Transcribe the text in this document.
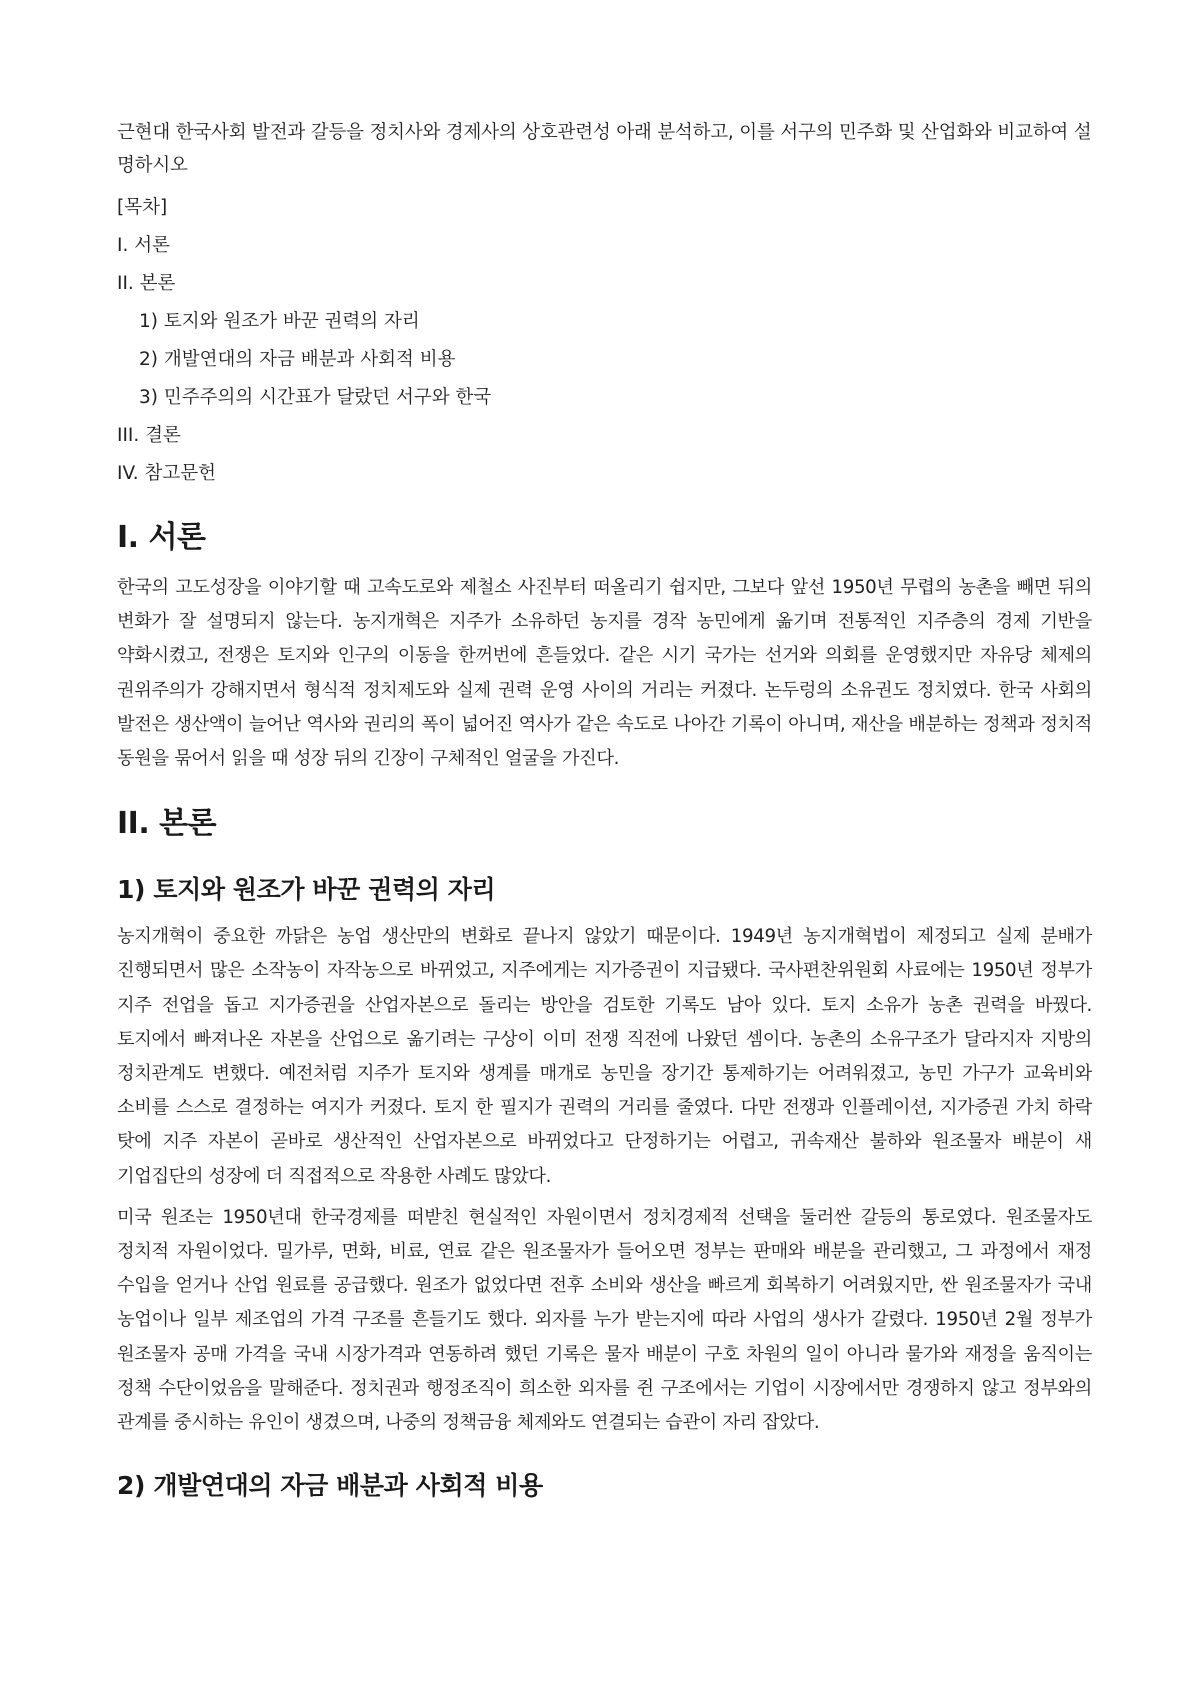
근현대 한국사회 발전과 갈등을 정치사와 경제사의 상호관련성 아래 분석하고, 이를 서구의 민주화 및 산업화와 비교하여 설명하시오
[목차]
I. 서론
II. 본론
1) 토지와 원조가 바꾼 권력의 자리
2) 개발연대의 자금 배분과 사회적 비용
3) 민주주의의 시간표가 달랐던 서구와 한국
III. 결론
IV. 참고문헌
I. 서론

한국의 고도성장을 이야기할 때 고속도로와 제철소 사진부터 떠올리기 쉽지만, 그보다 앞선 1950년 무렵의 농촌을 빼면 뒤의 변화가 잘 설명되지 않는다. 농지개혁은 지주가 소유하던 농지를 경작 농민에게 옮기며 전통적인 지주층의 경제 기반을 약화시켰고, 전쟁은 토지와 인구의 이동을 한꺼번에 흔들었다. 같은 시기 국가는 선거와 의회를 운영했지만 자유당 체제의 권위주의가 강해지면서 형식적 정치제도와 실제 권력 운영 사이의 거리는 커졌다. 논두렁의 소유권도 정치였다. 한국 사회의 발전은 생산액이 늘어난 역사와 권리의 폭이 넓어진 역사가 같은 속도로 나아간 기록이 아니며, 재산을 배분하는 정책과 정치적 동원을 묶어서 읽을 때 성장 뒤의 긴장이 구체적인 얼굴을 가진다.

II. 본론
1) 토지와 원조가 바꾼 권력의 자리

농지개혁이 중요한 까닭은 농업 생산만의 변화로 끝나지 않았기 때문이다. 1949년 농지개혁법이 제정되고 실제 분배가 진행되면서 많은 소작농이 자작농으로 바뀌었고, 지주에게는 지가증권이 지급됐다. 국사편찬위원회 사료에는 1950년 정부가 지주 전업을 돕고 지가증권을 산업자본으로 돌리는 방안을 검토한 기록도 남아 있다. 토지 소유가 농촌 권력을 바꿨다. 토지에서 빠져나온 자본을 산업으로 옮기려는 구상이 이미 전쟁 직전에 나왔던 셈이다. 농촌의 소유구조가 달라지자 지방의 정치관계도 변했다. 예전처럼 지주가 토지와 생계를 매개로 농민을 장기간 통제하기는 어려워졌고, 농민 가구가 교육비와 소비를 스스로 결정하는 여지가 커졌다. 토지 한 필지가 권력의 거리를 줄였다. 다만 전쟁과 인플레이션, 지가증권 가치 하락 탓에 지주 자본이 곧바로 생산적인 산업자본으로 바뀌었다고 단정하기는 어렵고, 귀속재산 불하와 원조물자 배분이 새 기업집단의 성장에 더 직접적으로 작용한 사례도 많았다.

미국 원조는 1950년대 한국경제를 떠받친 현실적인 자원이면서 정치경제적 선택을 둘러싼 갈등의 통로였다. 원조물자도 정치적 자원이었다. 밀가루, 면화, 비료, 연료 같은 원조물자가 들어오면 정부는 판매와 배분을 관리했고, 그 과정에서 재정 수입을 얻거나 산업 원료를 공급했다. 원조가 없었다면 전후 소비와 생산을 빠르게 회복하기 어려웠지만, 싼 원조물자가 국내 농업이나 일부 제조업의 가격 구조를 흔들기도 했다. 외자를 누가 받는지에 따라 사업의 생사가 갈렸다. 1950년 2월 정부가 원조물자 공매 가격을 국내 시장가격과 연동하려 했던 기록은 물자 배분이 구호 차원의 일이 아니라 물가와 재정을 움직이는 정책 수단이었음을 말해준다. 정치권과 행정조직이 희소한 외자를 쥔 구조에서는 기업이 시장에서만 경쟁하지 않고 정부와의 관계를 중시하는 유인이 생겼으며, 나중의 정책금융 체제와도 연결되는 습관이 자리 잡았다.

2) 개발연대의 자금 배분과 사회적 비용
